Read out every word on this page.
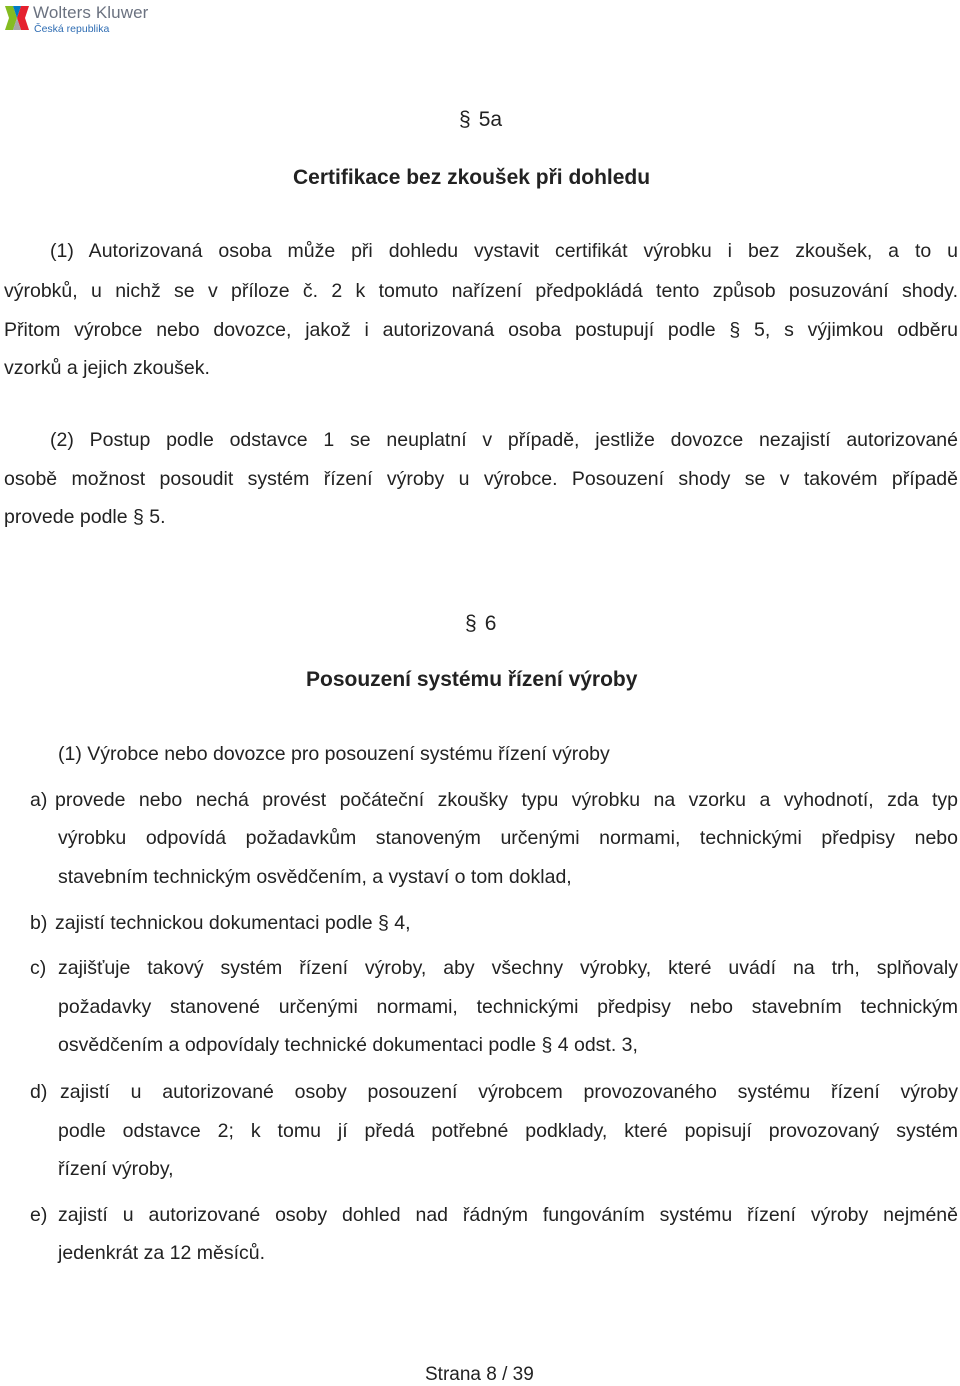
Wolters Kluwer
Česká republika
§ 5a
Certifikace bez zkoušek při dohledu
(1) Autorizovaná osoba může při dohledu vystavit certifikát výrobku i bez zkoušek, a to u
výrobků, u nichž se v příloze č. 2 k tomuto nařízení předpokládá tento způsob posuzování shody.
Přitom výrobce nebo dovozce, jakož i autorizovaná osoba postupují podle § 5, s výjimkou odběru
vzorků a jejich zkoušek.
(2) Postup podle odstavce 1 se neuplatní v případě, jestliže dovozce nezajistí autorizované
osobě možnost posoudit systém řízení výroby u výrobce. Posouzení shody se v takovém případě
provede podle § 5.
§ 6
Posouzení systému řízení výroby
(1) Výrobce nebo dovozce pro posouzení systému řízení výroby
a) provede nebo nechá provést počáteční zkoušky typu výrobku na vzorku a vyhodnotí, zda typ
výrobku odpovídá požadavkům stanoveným určenými normami, technickými předpisy nebo
stavebním technickým osvědčením, a vystaví o tom doklad,
b) zajistí technickou dokumentaci podle § 4,
c) zajišťuje takový systém řízení výroby, aby všechny výrobky, které uvádí na trh, splňovaly
požadavky stanovené určenými normami, technickými předpisy nebo stavebním technickým
osvědčením a odpovídaly technické dokumentaci podle § 4 odst. 3,
d) zajistí u autorizované osoby posouzení výrobcem provozovaného systému řízení výroby
podle odstavce 2; k tomu jí předá potřebné podklady, které popisují provozovaný systém
řízení výroby,
e) zajistí u autorizované osoby dohled nad řádným fungováním systému řízení výroby nejméně
jedenkrát za 12 měsíců.
Strana 8 / 39
